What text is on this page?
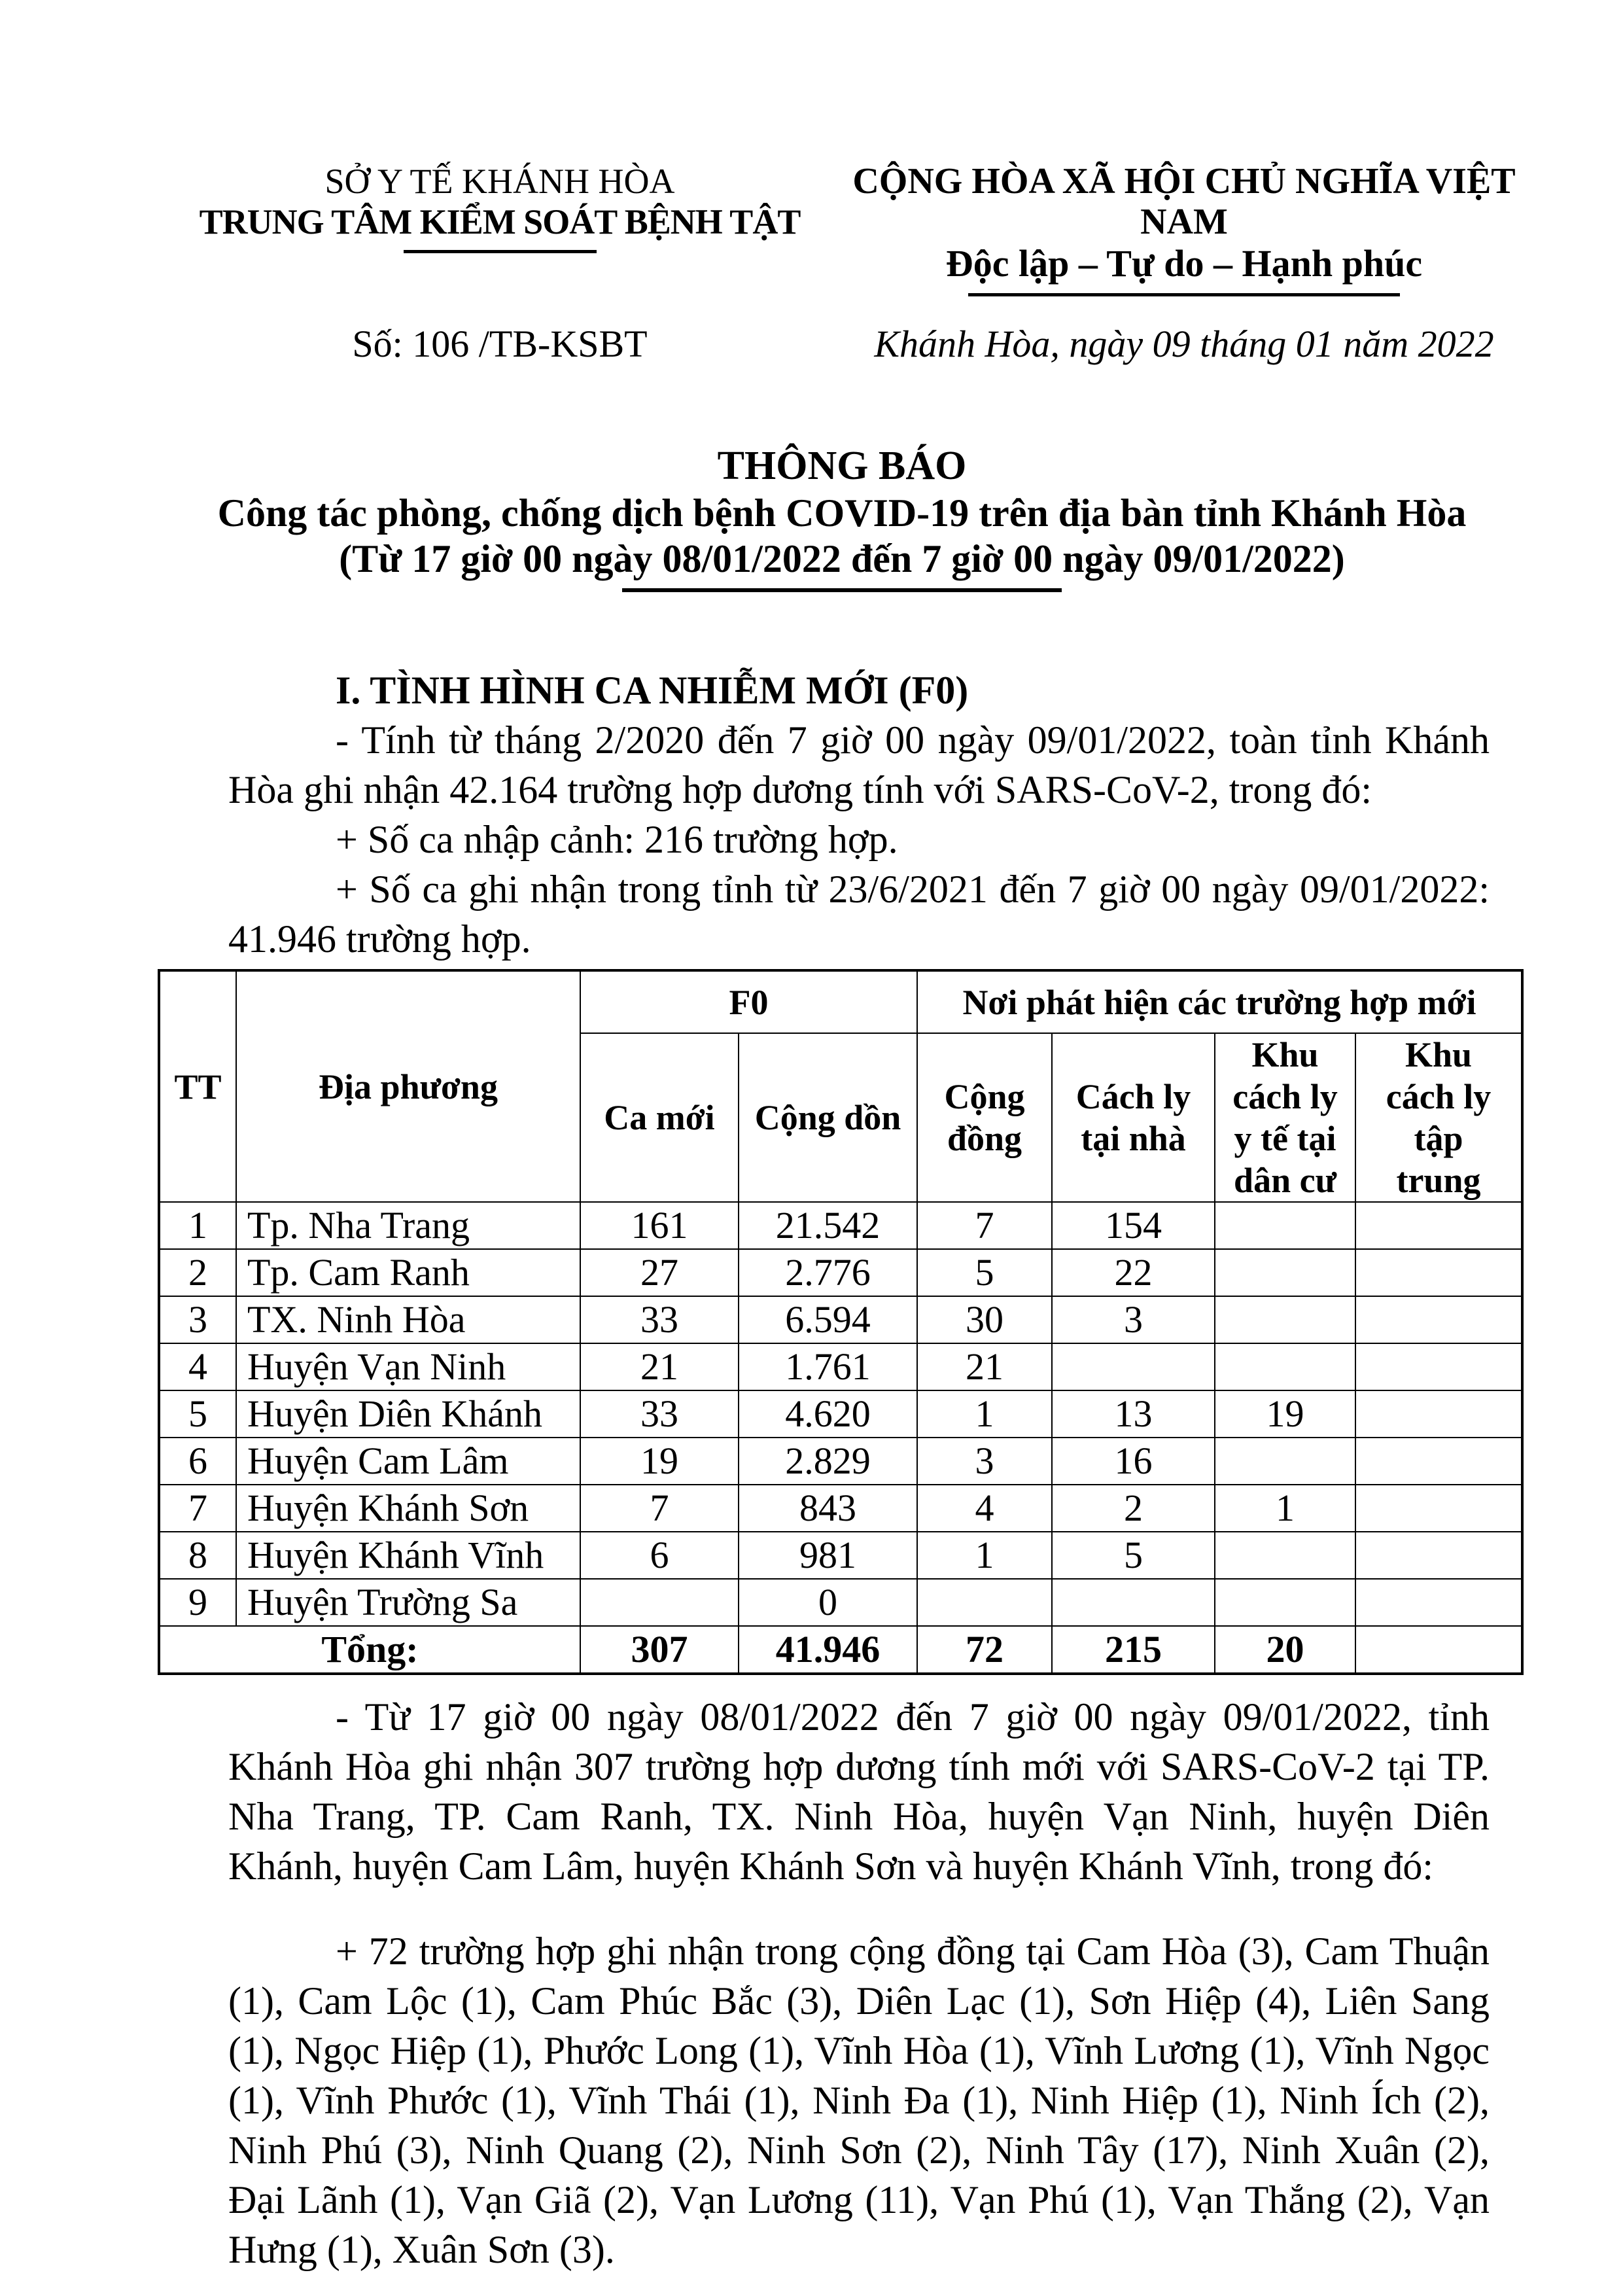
SỞ Y TẾ KHÁNH HÒA
TRUNG TÂM KIỂM SOÁT BỆNH TẬT
CỘNG HÒA XÃ HỘI CHỦ NGHĨA VIỆT NAM
Độc lập – Tự do – Hạnh phúc
Số: 106 /TB-KSBT	Khánh Hòa, ngày 09 tháng 01 năm 2022
THÔNG BÁO
Công tác phòng, chống dịch bệnh COVID-19 trên địa bàn tỉnh Khánh Hòa
(Từ 17 giờ 00 ngày 08/01/2022 đến 7 giờ 00 ngày 09/01/2022)
I. TÌNH HÌNH CA NHIỄM MỚI (F0)

- Tính từ tháng 2/2020 đến 7 giờ 00 ngày 09/01/2022, toàn tỉnh Khánh Hòa ghi nhận 42.164 trường hợp dương tính với SARS-CoV-2, trong đó:

+ Số ca nhập cảnh: 216 trường hợp.

+ Số ca ghi nhận trong tỉnh từ 23/6/2021 đến 7 giờ 00 ngày 09/01/2022: 41.946 trường hợp.

TT	Địa phương	F0		Nơi phát hiện các trường hợp mới			
		Ca mới	Cộng dồn	Cộng đồng	Cách ly tại nhà	Khu cách ly y tế tại dân cư	Khu cách ly tập trung
1	Tp. Nha Trang	161	21.542	7	154		
2	Tp. Cam Ranh	27	2.776	5	22		
3	TX. Ninh Hòa	33	6.594	30	3		
4	Huyện Vạn Ninh	21	1.761	21			
5	Huyện Diên Khánh	33	4.620	1	13	19	
6	Huyện Cam Lâm	19	2.829	3	16		
7	Huyện Khánh Sơn	7	843	4	2	1	
8	Huyện Khánh Vĩnh	6	981	1	5		
9	Huyện Trường Sa		0				
Tổng:		307	41.946	72	215	20	

- Từ 17 giờ 00 ngày 08/01/2022 đến 7 giờ 00 ngày 09/01/2022, tỉnh Khánh Hòa ghi nhận 307 trường hợp dương tính mới với SARS-CoV-2 tại TP. Nha Trang, TP. Cam Ranh, TX. Ninh Hòa, huyện Vạn Ninh, huyện Diên Khánh, huyện Cam Lâm, huyện Khánh Sơn và huyện Khánh Vĩnh, trong đó:

+ 72 trường hợp ghi nhận trong cộng đồng tại Cam Hòa (3), Cam Thuận (1), Cam Lộc (1), Cam Phúc Bắc (3), Diên Lạc (1), Sơn Hiệp (4), Liên Sang (1), Ngọc Hiệp (1), Phước Long (1), Vĩnh Hòa (1), Vĩnh Lương (1), Vĩnh Ngọc (1), Vĩnh Phước (1), Vĩnh Thái (1), Ninh Đa (1), Ninh Hiệp (1), Ninh Ích (2), Ninh Phú (3), Ninh Quang (2), Ninh Sơn (2), Ninh Tây (17), Ninh Xuân (2), Đại Lãnh (1), Vạn Giã (2), Vạn Lương (11), Vạn Phú (1), Vạn Thắng (2), Vạn Hưng (1), Xuân Sơn (3).
